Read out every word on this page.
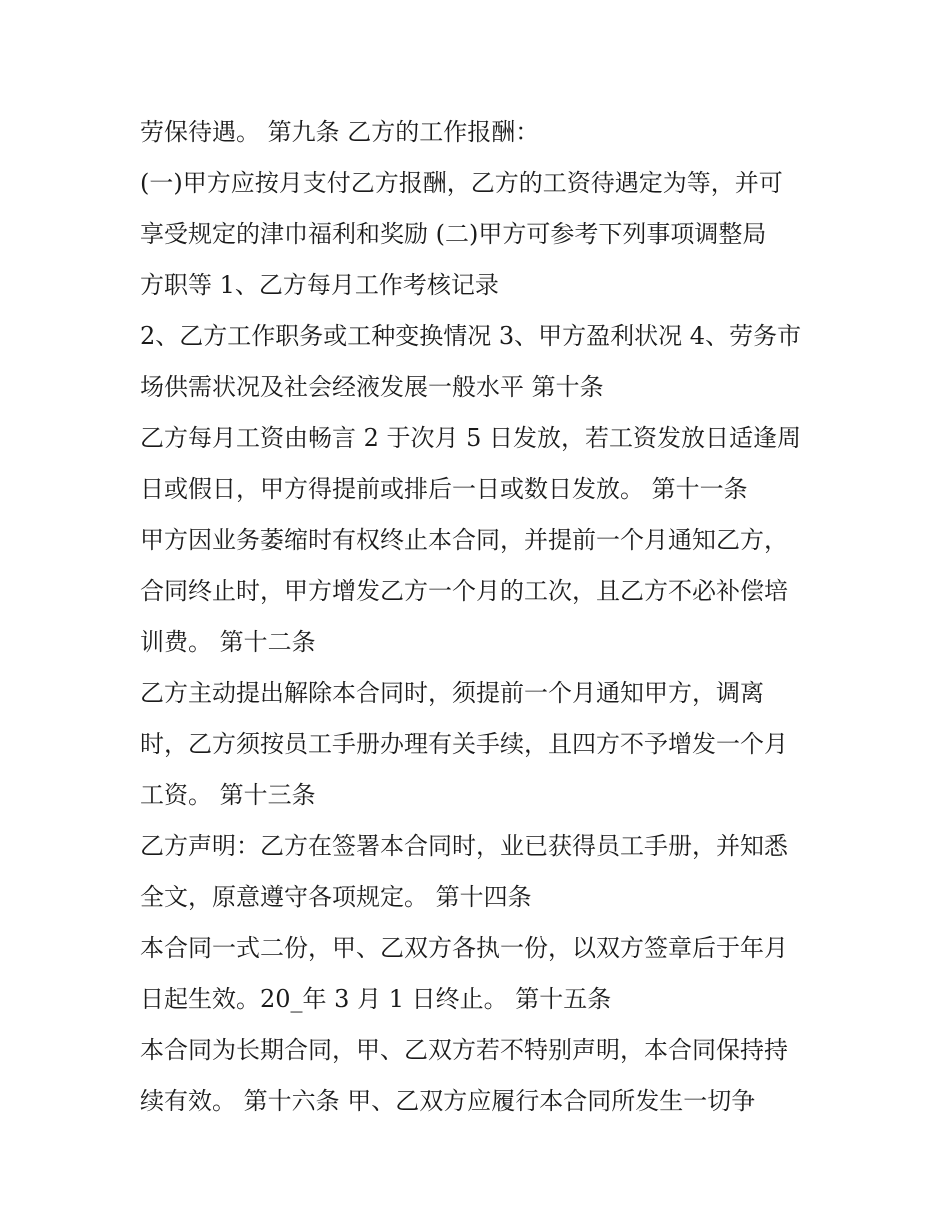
劳保待遇。 第九条 乙方的工作报酬：
(一)甲方应按月支付乙方报酬，乙方的工资待遇定为等，并可
享受规定的津巾福利和奖励 (二)甲方可参考下列事项调整局
方职等 1、乙方每月工作考核记录
2、乙方工作职务或工种变换情况 3、甲方盈利状况 4、劳务市
场供需状况及社会经液发展一般水平 第十条
乙方每月工资由畅言 2 于次月 5 日发放，若工资发放日适逢周
日或假日，甲方得提前或排后一日或数日发放。 第十一条
甲方因业务萎缩时有权终止本合同，并提前一个月通知乙方，
合同终止时，甲方增发乙方一个月的工次，且乙方不必补偿培
训费。 第十二条
乙方主动提出解除本合同时，须提前一个月通知甲方，调离
时，乙方须按员工手册办理有关手续，且四方不予增发一个月
工资。 第十三条
乙方声明：乙方在签署本合同时，业已获得员工手册，并知悉
全文，原意遵守各项规定。 第十四条
本合同一式二份，甲、乙双方各执一份，以双方签章后于年月
日起生效。20_年 3 月 1 日终止。 第十五条
本合同为长期合同，甲、乙双方若不特别声明，本合同保持持
续有效。 第十六条 甲、乙双方应履行本合同所发生一切争
